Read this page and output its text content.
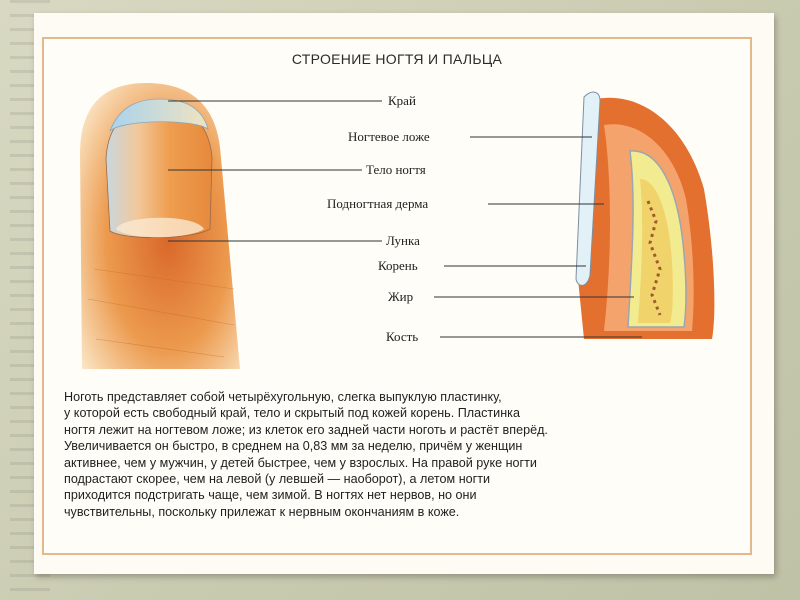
СТРОЕНИЕ НОГТЯ И ПАЛЬЦА
Край
Ногтевое ложе
Тело ногтя
Подногтная дерма
Лунка
Корень
Жир
Кость
Ноготь представляет собой четырёхугольную, слегка выпуклую пластинку,
у которой есть свободный край, тело и скрытый под кожей корень. Пластинка
ногтя лежит на ногтевом ложе; из клеток его задней части ноготь и растёт вперёд.
Увеличивается он быстро, в среднем на 0,83 мм за неделю, причём у женщин
активнее, чем у мужчин, у детей быстрее, чем у взрослых. На правой руке ногти
подрастают скорее, чем на левой (у левшей — наоборот), а летом ногти
приходится подстригать чаще, чем зимой. В ногтях нет нервов, но они
чувствительны, поскольку прилежат к нервным окончаниям в коже.
